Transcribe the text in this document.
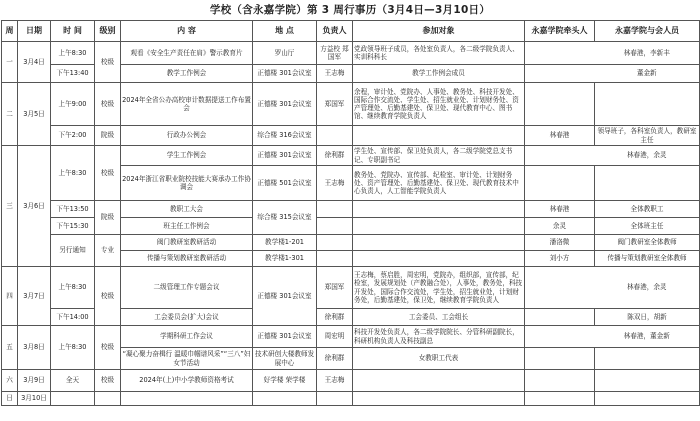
学校（含永嘉学院）第 3 周行事历（3月4日—3月10日）
周	日期	时 间	级别	内 容	地 点	负责人	参加对象	永嘉学院牵头人	永嘉学院与会人员
一	3月4日	上午8:30	校级	观看《安全生产责任在肩》警示教育片	罗山厅	方益校 郑国军	党政领导班子成员，各处室负责人，各二级学院负责人、实训科科长		林春港，李新丰
		下午13:40		教学工作例会	正德楼 301会议室	王志梅	教学工作例会成员		董金新
二	3月5日	上午9:00	校级	2024年全省公办高校审计数据提送工作布置会	正德楼 301会议室	郑国军	余程，审计处、党院办、人事处、教务处、科技开发处、国际合作交流处、学生处、招生就业处、计划财务处、资产管理处、后勤基建处、保卫处、现代教育中心、图书馆、继续教育学院负责人		
		下午2:00	院级	行政办公例会	综合楼 316会议室			林春港	领导班子，各科室负责人，教研室主任
三	3月6日	上午8:30	校级	学生工作例会	正德楼 301会议室	徐利群	学生处、宣传部、保卫处负责人，各二级学院党总支书记、专职副书记		林春港，余灵
				2024年浙江省职业院校技能大赛承办工作协调会	正德楼 501会议室	王志梅	教务处、党院办、宣传部、纪检室、审计处、计划财务处、资产管理处、后勤基建处、保卫处、现代教育技术中心负责人，人工智能学院负责人		
		下午13:50	院级	教职工大会	综合楼 315会议室			林春港	全体教职工
		下午15:30		班主任工作例会				余灵	全体班主任
		另行通知	专业	阀门教研室教研活动	教学楼1-201			潘洛微	阀门教研室全体教师
				传播与策划教研室教研活动	教学楼1-301			刘小方	传播与策划教研室全体教师
四	3月7日	上午8:30	校级	二级管理工作专题会议	正德楼 301会议室	郑国军	王志梅，蔡启胜，周宏明，党院办，组织部，宣传部，纪检室，发展规划处（产教融合处），人事处，教务处，科技开发处，国际合作交流处，学生处，招生就业处，计划财务处，后勤基建处，保卫处，继续教育学院负责人		林春港，余灵
		下午14:00		工会委员会(扩大)会议		徐利群	工会委员、工会组长		陈双日，胡新
五	3月8日	上午8:30	校级	学期科研工作会议	正德楼 301会议室	周宏明	科技开发处负责人，各二级学院院长、分管科研副院长，科研机构负责人及科技副总		林春港，董金新
				“凝心聚力奋楫行 温暖巾帼谱风采”“三八”妇女节活动	技术研创大楼教师发展中心	徐利群	女教职工代表		
六	3月9日	全天	校级	2024年(上)中小学教师资格考试	好学楼 荣学楼	王志梅			
日	3月10日								
